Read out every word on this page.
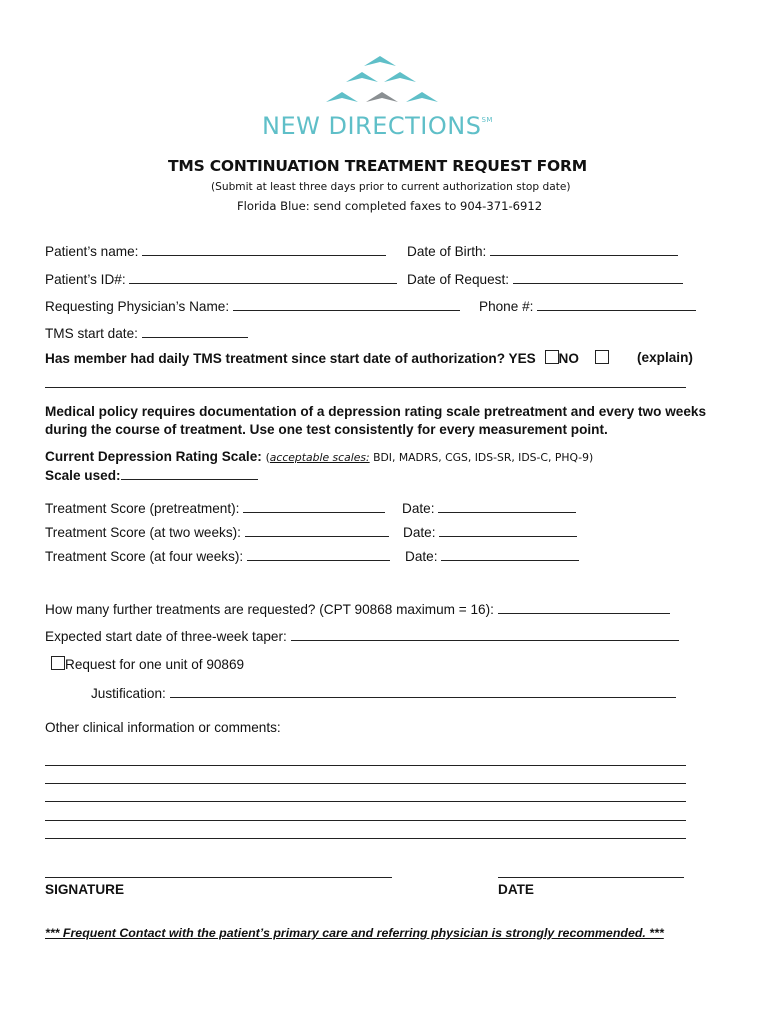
NEW DIRECTIONS℠
TMS CONTINUATION TREATMENT REQUEST FORM
(Submit at least three days prior to current authorization stop date)
Florida Blue: send completed faxes to 904-371-6912
Patient’s name:	Date of Birth:
Patient’s ID#:	Date of Request:
Requesting Physician’s Name:	Phone #:
TMS start date:
Has member had daily TMS treatment since start date of authorization? YES NO	(explain)
Medical policy requires documentation of a depression rating scale pretreatment and every two weeks
during the course of treatment. Use one test consistently for every measurement point.
Current Depression Rating Scale: (acceptable scales: BDI, MADRS, CGS, IDS-SR, IDS-C, PHQ-9)
Scale used:
Treatment Score (pretreatment):	Date:
Treatment Score (at two weeks):	Date:
Treatment Score (at four weeks):	Date:
How many further treatments are requested? (CPT 90868 maximum = 16):
Expected start date of three-week taper:
Request for one unit of 90869
Justification:
Other clinical information or comments:
SIGNATURE	DATE
*** Frequent Contact with the patient’s primary care and referring physician is strongly recommended. ***
